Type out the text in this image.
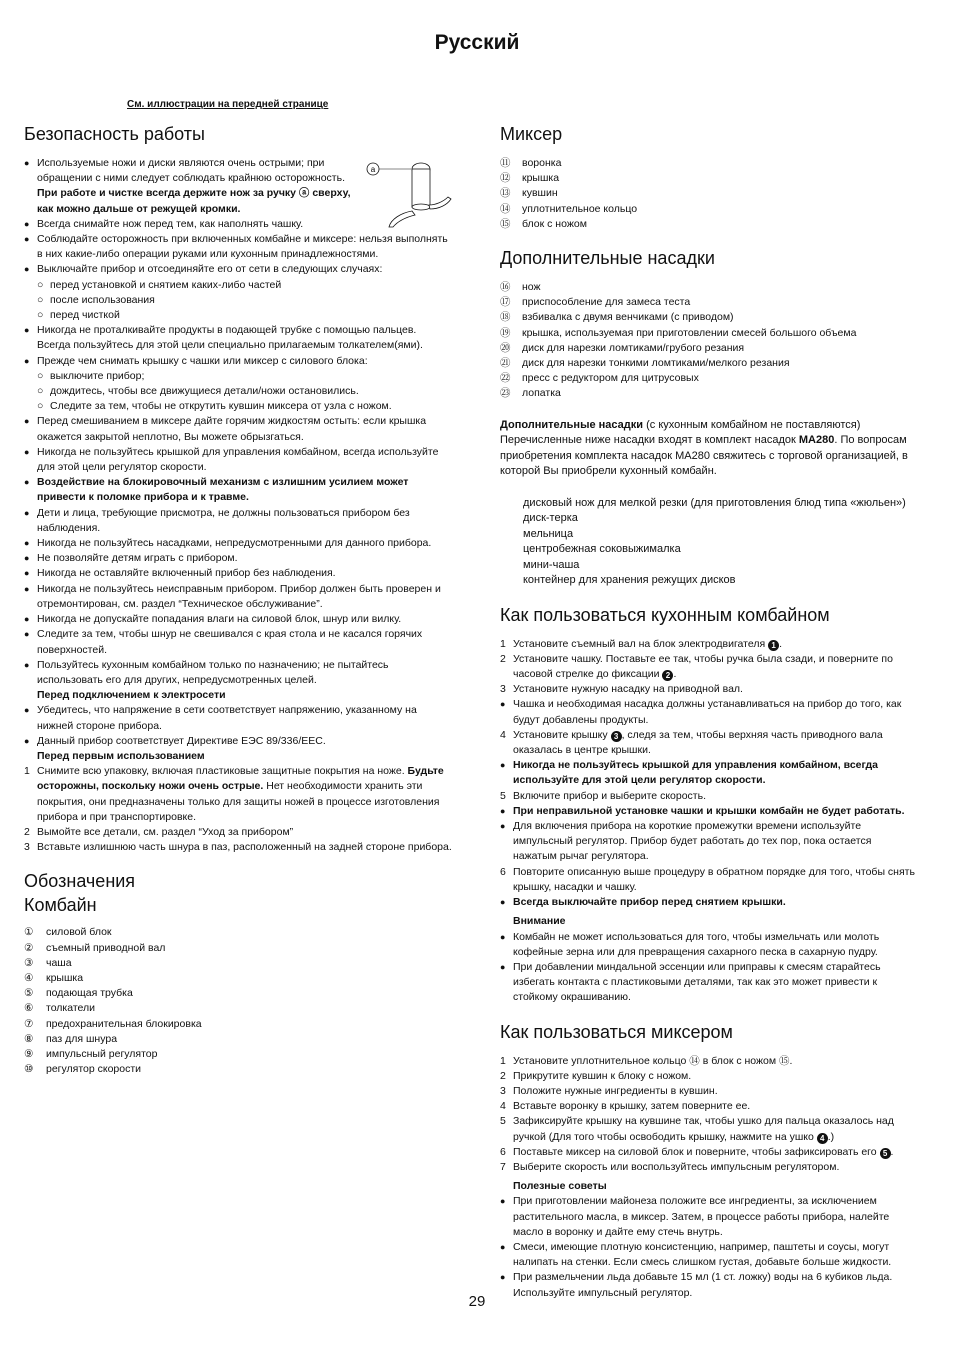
Русский
См. иллюстрации на передней странице
Безопасность работы
● Используемые ножи и диски являются очень острыми; при обращении с ними следует соблюдать крайнюю осторожность. При работе и чистке всегда держите нож за ручку ⓐ сверху, как можно дальше от режущей кромки.
a
● Всегда снимайте нож перед тем, как наполнять чашку.
● Соблюдайте осторожность при включенных комбайне и миксере: нельзя выполнять в них какие-либо операции руками или кухонным принадлежностями.
● Выключайте прибор и отсоединяйте его от сети в следующих случаях:
○ перед установкой и снятием каких-либо частей
○ после использования
○ перед чисткой
● Никогда не проталкивайте продукты в подающей трубке с помощью пальцев. Всегда пользуйтесь для этой цели специально прилагаемым толкателем(ями).
● Прежде чем снимать крышку с чашки или миксер с силового блока:
○ выключите прибор;
○ дождитесь, чтобы все движущиеся детали/ножи остановились.
○ Следите за тем, чтобы не открутить кувшин миксера от узла с ножом.
● Перед смешиванием в миксере дайте горячим жидкостям остыть: если крышка окажется закрытой неплотно, Вы можете обрызгаться.
● Никогда не пользуйтесь крышкой для управления комбайном, всегда используйте для этой цели регулятор скорости.
● Воздействие на блокировочный механизм с излишним усилием может привести к поломке прибора и к травме.
● Дети и лица, требующие присмотра, не должны пользоваться прибором без наблюдения.
● Никогда не пользуйтесь насадками, непредусмотренными для данного прибора.
● Не позволяйте детям играть с прибором.
● Никогда не оставляйте включенный прибор без наблюдения.
● Никогда не пользуйтесь неисправным прибором. Прибор должен быть проверен и отремонтирован, см. раздел “Техническое обслуживание”.
● Никогда не допускайте попадания влаги на силовой блок, шнур или вилку.
● Следите за тем, чтобы шнур не свешивался с края стола и не касался горячих поверхностей.
● Пользуйтесь кухонным комбайном только по назначению; не пытайтесь использовать его для других, непредусмотренных целей.
Перед подключением к электросети
● Убедитесь, что напряжение в сети соответствует напряжению, указанному на нижней стороне прибора.
● Данный прибор соответствует Директиве ЕЭС 89/336/EEC.
Перед первым использованием
1 Снимите всю упаковку, включая пластиковые защитные покрытия на ноже. Будьте осторожны, поскольку ножи очень острые. Нет необходимости хранить эти покрытия, они предназначены только для защиты ножей в процессе изготовления прибора и при транспортировке.
2 Вымойте все детали, см. раздел “Уход за прибором”
3 Вставьте излишнюю часть шнура в паз, расположенный на задней стороне прибора.
Обозначения
Комбайн
①	силовой блок
②	съемный приводной вал
③	чаша
④	крышка
⑤	подающая трубка
⑥	толкатели
⑦	предохранительная блокировка
⑧	паз для шнура
⑨	импульсный регулятор
⑩	регулятор скорости
Миксер
⑪	воронка
⑫	крышка
⑬	кувшин
⑭	уплотнительное кольцо
⑮	блок с ножом
Дополнительные насадки
⑯	нож
⑰	приспособление для замеса теста
⑱	взбивалка с двумя венчиками (с приводом)
⑲	крышка, используемая при приготовлении смесей большого объема
⑳	диск для нарезки ломтиками/грубого резания
㉑	диск для нарезки тонкими ломтиками/мелкого резания
㉒	пресс с редуктором для цитрусовых
㉓	лопатка

Дополнительные насадки (с кухонным комбайном не поставляются) Перечисленные ниже насадки входят в комплект насадок MA280. По вопросам приобретения комплекта насадок MA280 свяжитесь с торговой организацией, в которой Вы приобрели кухонный комбайн.

дисковый нож для мелкой резки (для приготовления блюд типа «жюльен»)
диск-терка
мельница
центробежная соковыжималка
мини-чаша
контейнер для хранения режущих дисков
Как пользоваться кухонным комбайном
1 Установите съемный вал на блок электродвигателя 1 .
2 Установите чашку. Поставьте ее так, чтобы ручка была сзади, и поверните по часовой стрелке до фиксации 2 .
3 Установите нужную насадку на приводной вал.
● Чашка и необходимая насадка должны устанавливаться на прибор до того, как будут добавлены продукты.
4 Установите крышку 3 , следя за тем, чтобы верхняя часть приводного вала оказалась в центре крышки.
● Никогда не пользуйтесь крышкой для управления комбайном, всегда используйте для этой цели регулятор скорости.
5 Включите прибор и выберите скорость.
● При неправильной установке чашки и крышки комбайн не будет работать.
● Для включения прибора на короткие промежутки времени используйте импульсный регулятор. Прибор будет работать до тех пор, пока остается нажатым рычаг регулятора.
6 Повторите описанную выше процедуру в обратном порядке для того, чтобы снять крышку, насадки и чашку.
● Всегда выключайте прибор перед снятием крышки.
Внимание
● Комбайн не может использоваться для того, чтобы измельчать или молоть кофейные зерна или для превращения сахарного песка в сахарную пудру.
● При добавлении миндальной эссенции или приправы к смесям старайтесь избегать контакта с пластиковыми деталями, так как это может привести к стойкому окрашиванию.
Как пользоваться миксером
1 Установите уплотнительное кольцо ⑭ в блок с ножом ⑮.
2 Прикрутите кувшин к блоку с ножом.
3 Положите нужные ингредиенты в кувшин.
4 Вставьте воронку в крышку, затем поверните ее.
5 Зафиксируйте крышку на кувшине так, чтобы ушко для пальца оказалось над ручкой (Для того чтобы освободить крышку, нажмите на ушко 4 .)
6 Поставьте миксер на силовой блок и поверните, чтобы зафиксировать его 5 .
7 Выберите скорость или воспользуйтесь импульсным регулятором.
Полезные советы
● При приготовлении майонеза положите все ингредиенты, за исключением растительного масла, в миксер. Затем, в процессе работы прибора, налейте масло в воронку и дайте ему стечь внутрь.
● Смеси, имеющие плотную консистенцию, например, паштеты и соусы, могут налипать на стенки. Если смесь слишком густая, добавьте больше жидкости.
● При размельчении льда добавьте 15 мл (1 ст. ложку) воды на 6 кубиков льда. Используйте импульсный регулятор.
29
